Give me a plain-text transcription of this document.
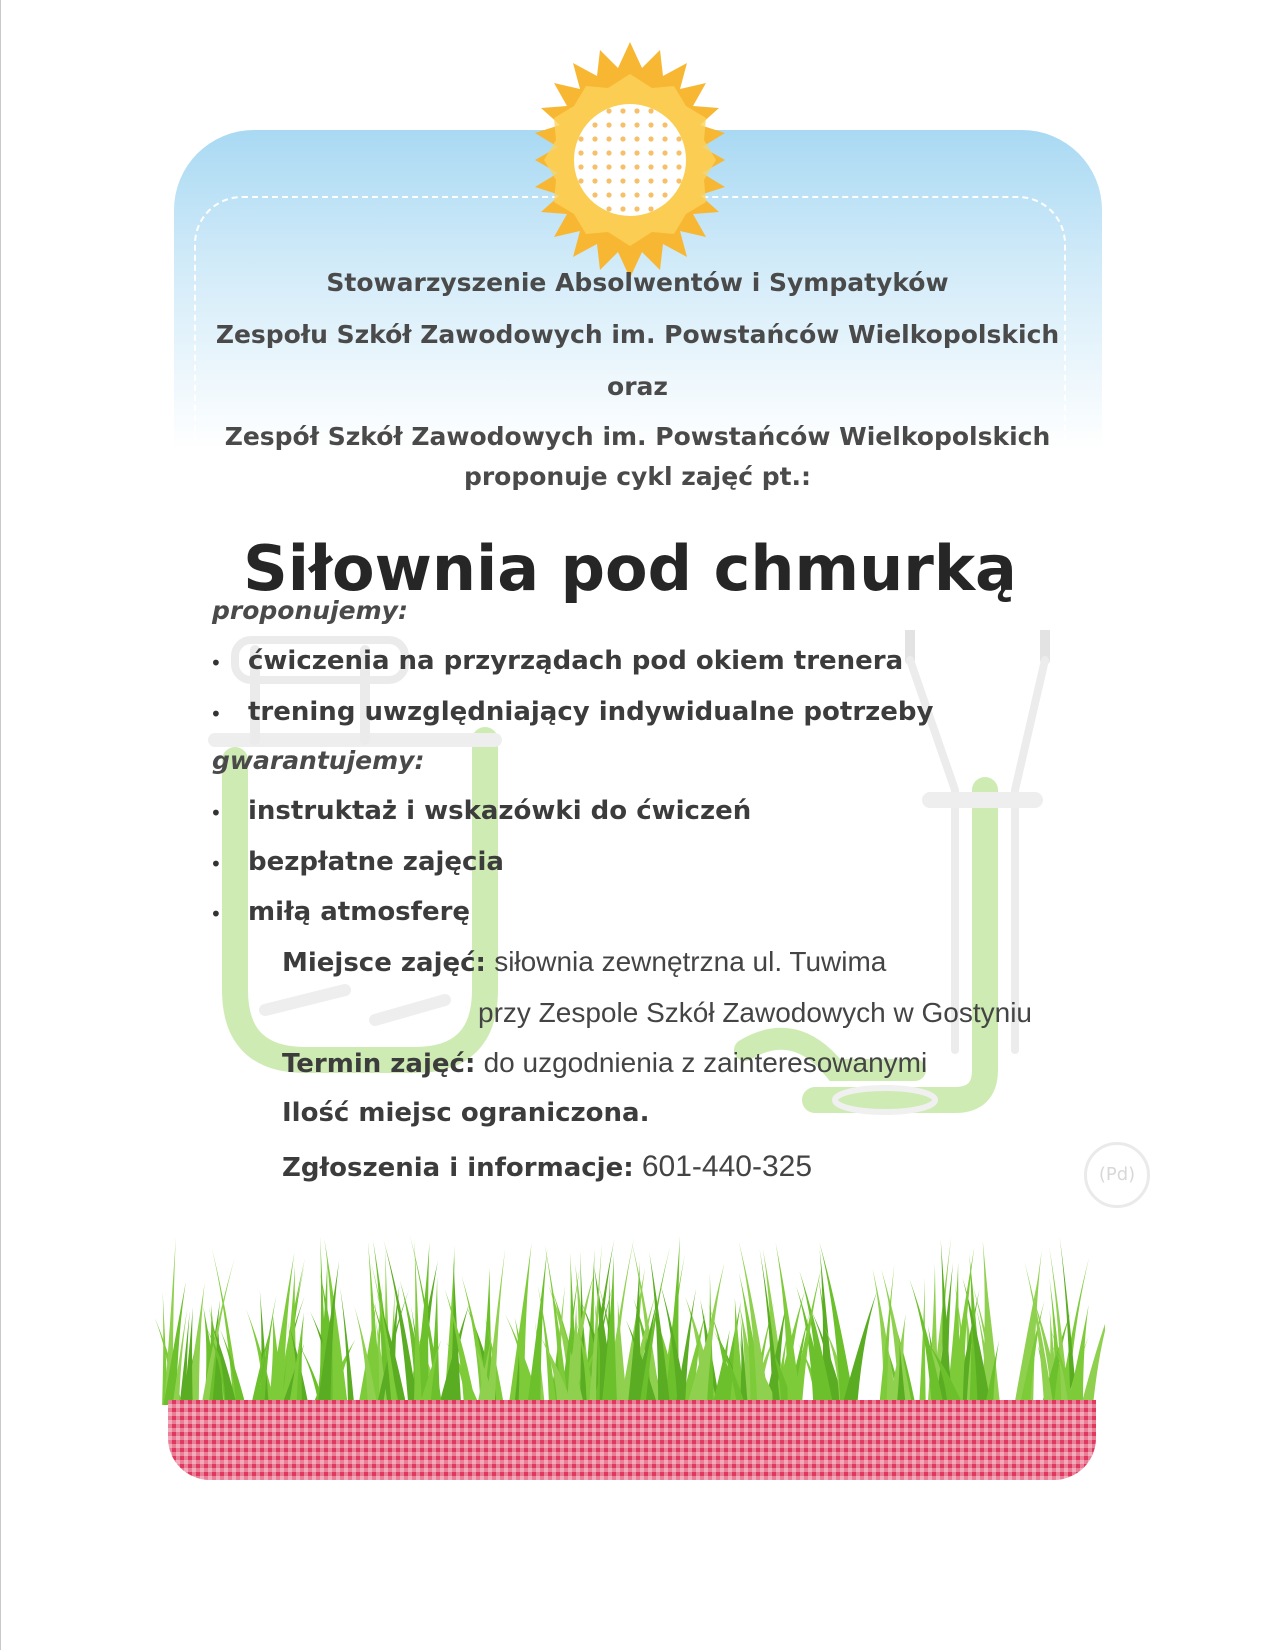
Stowarzyszenie Absolwentów i Sympatyków
Zespołu Szkół Zawodowych im. Powstańców Wielkopolskich
oraz
Zespół Szkół Zawodowych im. Powstańców Wielkopolskich
proponuje cykl zajęć pt.:
Siłownia pod chmurką
proponujemy:
• ćwiczenia na przyrządach pod okiem trenera
• trening uwzględniający indywidualne potrzeby
gwarantujemy:
• instruktaż i wskazówki do ćwiczeń
• bezpłatne zajęcia
• miłą atmosferę
Miejsce zajęć: siłownia zewnętrzna ul. Tuwima
przy Zespole Szkół Zawodowych w Gostyniu
Termin zajęć: do uzgodnienia z zainteresowanymi
Ilość miejsc ograniczona.
Zgłoszenia i informacje: 601-440-325	(Pd)
